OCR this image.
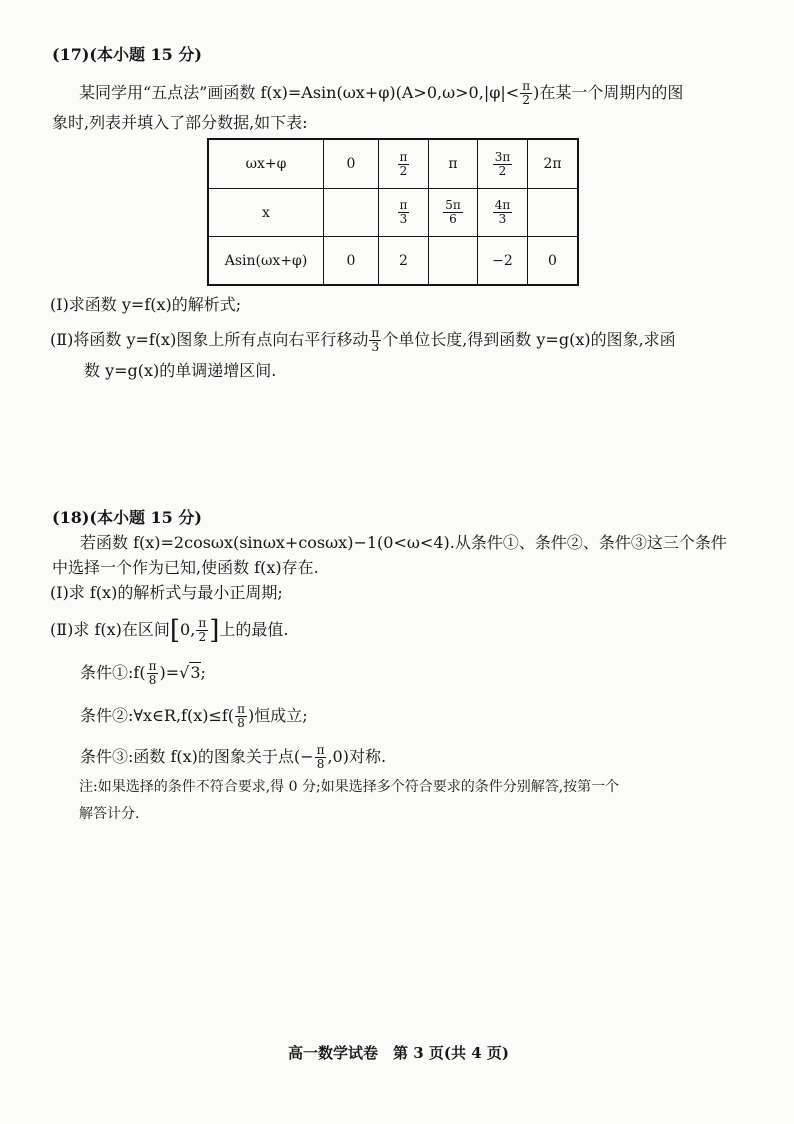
(17)(本小题 15 分)
某同学用“五点法”画函数 $f(x)=Asin(\omega x+\varphi)(A>0,\omega>0,|\varphi|< \frac{\pi}{2}$ )在某一个周期内的图
象时,列表并填入了部分数据,如下表:
ωx+φ	0	$\frac{\pi}{2}$	π	$\frac{3\pi}{2}$	2π
x		$\frac{\pi}{3}$	$\frac{5\pi}{6}$	$\frac{4\pi}{3}$

Asin(ωx+φ)	0	2		−2	0
(Ⅰ)求函数 y=f(x)的解析式;
(Ⅱ)将函数 y=f(x)图象上所有点向右平行移动 $\frac{\pi}{3}$ 个单位长度,得到函数 y=g(x)的图象,求函
数 y=g(x)的单调递增区间.
(18)(本小题 15 分)
若函数 f(x)=2cosωx(sinωx+cosωx)−1(0<ω<4).从条件①、条件②、条件③这三个条件
中选择一个作为已知,使函数 f(x)存在.
(Ⅰ)求 f(x)的解析式与最小正周期;
(Ⅱ)求 f(x)在区间[0, $\frac{\pi}{2}$ ]上的最值.
条件①:f( $\frac{\pi}{8} )=√3$;
条件②:∀x∈R,f(x)≤f( $\frac{\pi}{8}$ )恒成立;
条件③:函数 f(x)的图象关于点(− $\frac{\pi}{8} ,0$)对称.
注:如果选择的条件不符合要求,得 0 分;如果选择多个符合要求的条件分别解答,按第一个
解答计分.
高一数学试卷　第 3 页(共 4 页)
